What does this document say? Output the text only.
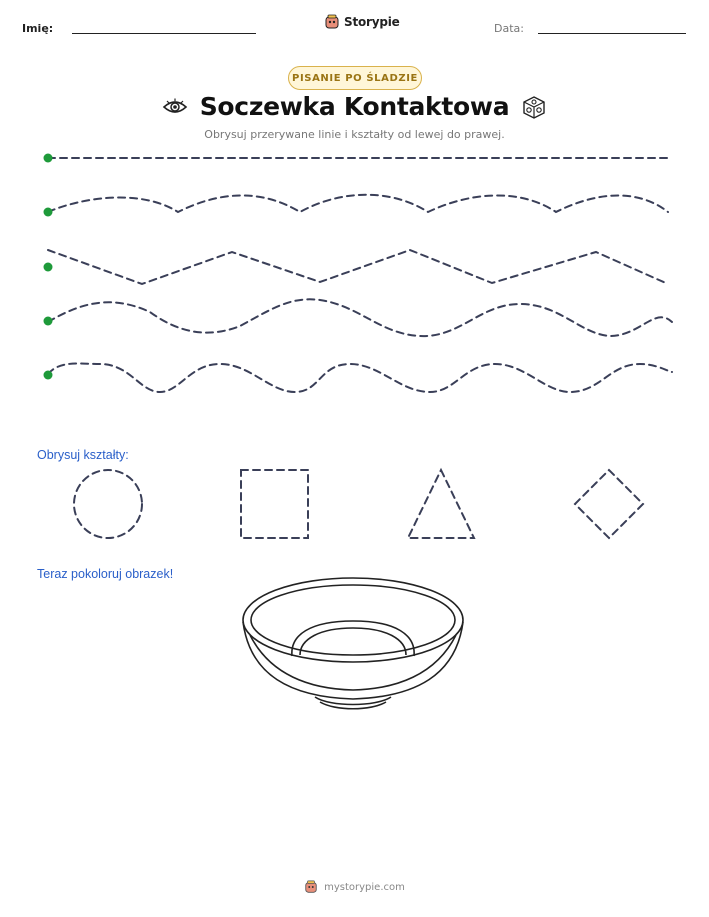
Imię:	Storypie	Data:
PISANIE PO ŚLADZIE
Soczewka Kontaktowa
Obrysuj przerywane linie i kształty od lewej do prawej.
Obrysuj kształty:
Teraz pokoloruj obrazek!
mystorypie.com
